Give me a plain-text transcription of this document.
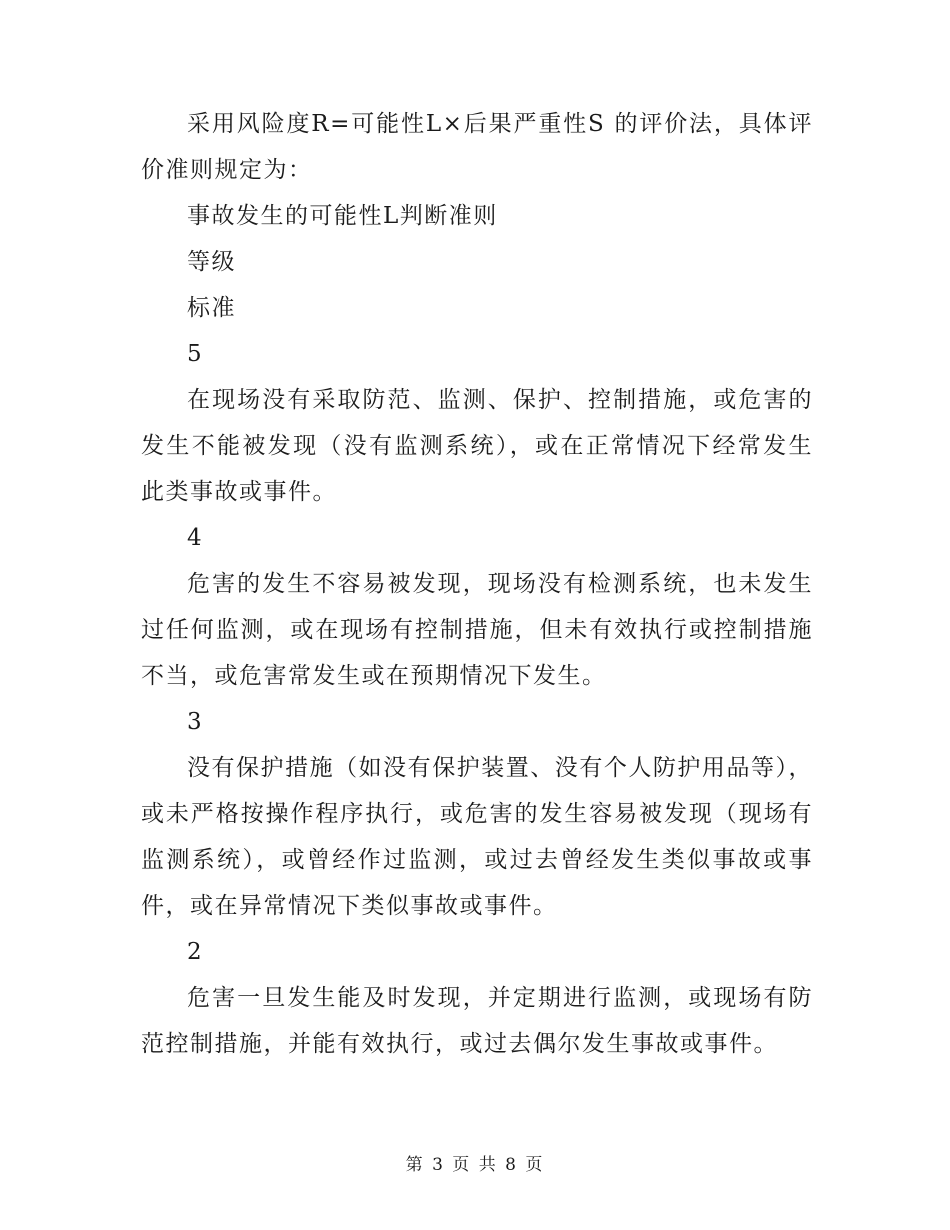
采用风险度R=可能性L×后果严重性S 的评价法，具体评价准则规定为：

事故发生的可能性L判断准则

等级

标准

5

在现场没有采取防范、监测、保护、控制措施，或危害的发生不能被发现（没有监测系统），或在正常情况下经常发生此类事故或事件。

4

危害的发生不容易被发现，现场没有检测系统，也未发生过任何监测，或在现场有控制措施，但未有效执行或控制措施不当，或危害常发生或在预期情况下发生。

3

没有保护措施（如没有保护装置、没有个人防护用品等），或未严格按操作程序执行，或危害的发生容易被发现（现场有监测系统），或曾经作过监测，或过去曾经发生类似事故或事件，或在异常情况下类似事故或事件。

2

危害一旦发生能及时发现，并定期进行监测，或现场有防范控制措施，并能有效执行，或过去偶尔发生事故或事件。

第 3 页 共 8 页
